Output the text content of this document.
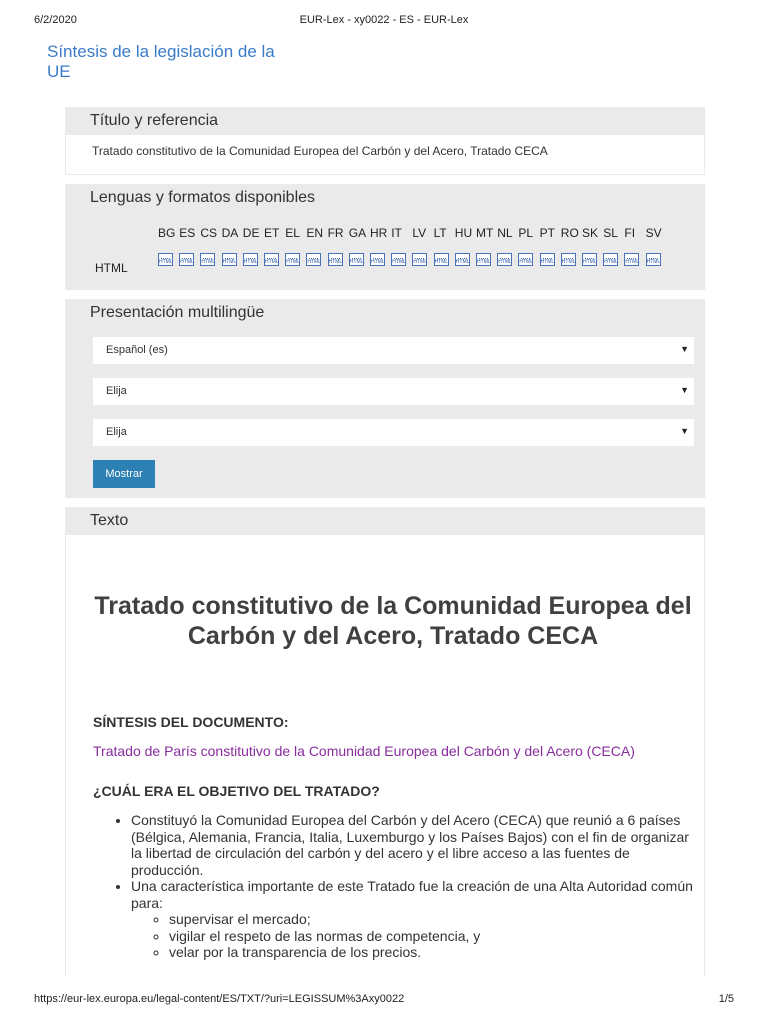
6/2/2020	EUR-Lex - xy0022 - ES - EUR-Lex
Síntesis de la legislación de la UE
Título y referencia
Tratado constitutivo de la Comunidad Europea del Carbón y del Acero, Tratado CECA
Lenguas y formatos disponibles
BG ES CS DA DE ET EL EN FR GA HR IT LV LT HU MT NL PL PT RO SK SL FI SV
HTML	HTML HTML HTML HTML HTML HTML HTML HTML HTML HTML HTML HTML HTML HTML HTML HTML HTML HTML HTML HTML HTML HTML HTML HTML
Presentación multilingüe
Español (es)	▼
Elija	▼
Elija	▼
Mostrar
Texto
Tratado constitutivo de la Comunidad Europea del Carbón y del Acero, Tratado CECA
SÍNTESIS DEL DOCUMENTO:
Tratado de París constitutivo de la Comunidad Europea del Carbón y del Acero (CECA)
¿CUÁL ERA EL OBJETIVO DEL TRATADO?
• Constituyó la Comunidad Europea del Carbón y del Acero (CECA) que reunió a 6 países (Bélgica, Alemania, Francia, Italia, Luxemburgo y los Países Bajos) con el fin de organizar la libertad de circulación del carbón y del acero y el libre acceso a las fuentes de producción.
• Una característica importante de este Tratado fue la creación de una Alta Autoridad común para:
◦ supervisar el mercado;
◦ vigilar el respeto de las normas de competencia, y
◦ velar por la transparencia de los precios.
https://eur-lex.europa.eu/legal-content/ES/TXT/?uri=LEGISSUM%3Axy0022	1/5
